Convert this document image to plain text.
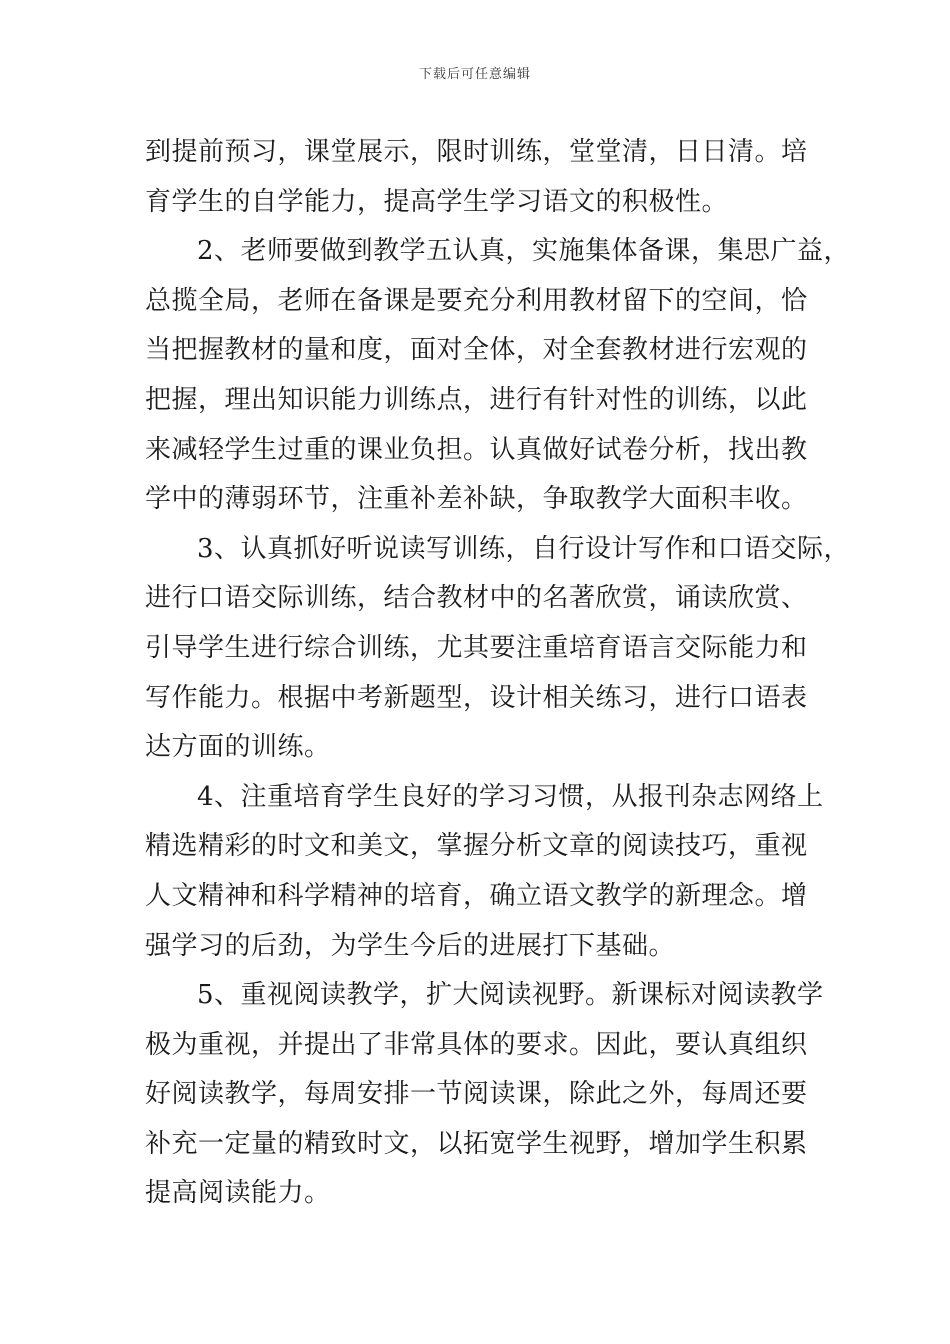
下载后可任意编辑
到提前预习，课堂展示，限时训练，堂堂清，日日清。培
育学生的自学能力，提高学生学习语文的积极性。
2、老师要做到教学五认真，实施集体备课，集思广益，
总揽全局，老师在备课是要充分利用教材留下的空间，恰
当把握教材的量和度，面对全体，对全套教材进行宏观的
把握，理出知识能力训练点，进行有针对性的训练，以此
来减轻学生过重的课业负担。认真做好试卷分析，找出教
学中的薄弱环节，注重补差补缺，争取教学大面积丰收。
3、认真抓好听说读写训练，自行设计写作和口语交际，
进行口语交际训练，结合教材中的名著欣赏，诵读欣赏、
引导学生进行综合训练，尤其要注重培育语言交际能力和
写作能力。根据中考新题型，设计相关练习，进行口语表
达方面的训练。
4、注重培育学生良好的学习习惯，从报刊杂志网络上
精选精彩的时文和美文，掌握分析文章的阅读技巧，重视
人文精神和科学精神的培育，确立语文教学的新理念。增
强学习的后劲，为学生今后的进展打下基础。
5、重视阅读教学，扩大阅读视野。新课标对阅读教学
极为重视，并提出了非常具体的要求。因此，要认真组织
好阅读教学，每周安排一节阅读课，除此之外，每周还要
补充一定量的精致时文，以拓宽学生视野，增加学生积累
提高阅读能力。
